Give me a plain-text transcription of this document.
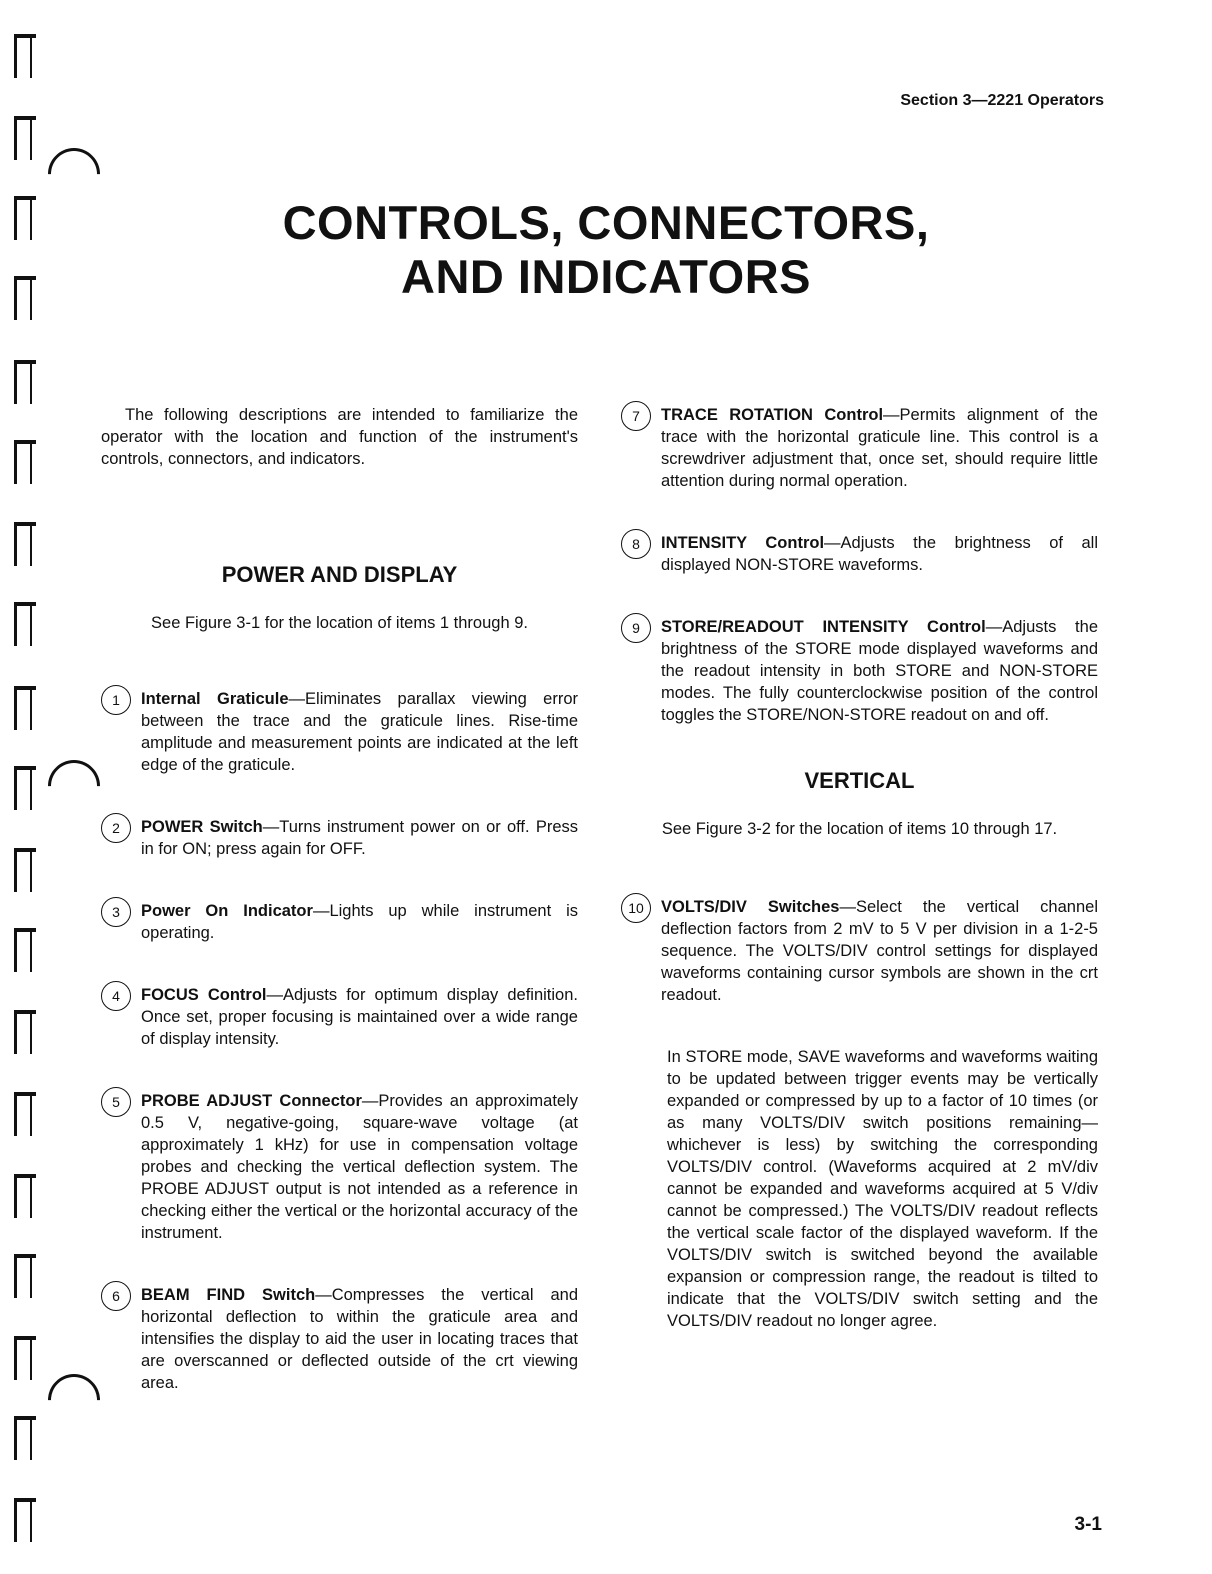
Section 3—2221 Operators
CONTROLS, CONNECTORS,
AND INDICATORS

The following descriptions are intended to familiarize the operator with the location and function of the instrument's controls, connectors, and indicators.

POWER AND DISPLAY

See Figure 3-1 for the location of items 1 through 9.

1	Internal Graticule—Eliminates parallax viewing error between the trace and the graticule lines. Rise-time amplitude and measurement points are indicated at the left edge of the graticule.
2	POWER Switch—Turns instrument power on or off. Press in for ON; press again for OFF.
3	Power On Indicator—Lights up while instrument is operating.
4	FOCUS Control—Adjusts for optimum display definition. Once set, proper focusing is maintained over a wide range of display intensity.
5	PROBE ADJUST Connector—Provides an approximately 0.5 V, negative-going, square-wave voltage (at approximately 1 kHz) for use in compensation voltage probes and checking the vertical deflection system. The PROBE ADJUST output is not intended as a reference in checking either the vertical or the horizontal accuracy of the instrument.
6	BEAM FIND Switch—Compresses the vertical and horizontal deflection to within the graticule area and intensifies the display to aid the user in locating traces that are overscanned or deflected outside of the crt viewing area.
7	TRACE ROTATION Control—Permits alignment of the trace with the horizontal graticule line. This control is a screwdriver adjustment that, once set, should require little attention during normal operation.
8	INTENSITY Control—Adjusts the brightness of all displayed NON-STORE waveforms.
9	STORE/READOUT INTENSITY Control—Adjusts the brightness of the STORE mode displayed waveforms and the readout intensity in both STORE and NON-STORE modes. The fully counterclockwise position of the control toggles the STORE/NON-STORE readout on and off.
VERTICAL

See Figure 3-2 for the location of items 10 through 17.

10	VOLTS/DIV Switches—Select the vertical channel deflection factors from 2 mV to 5 V per division in a 1-2-5 sequence. The VOLTS/DIV control settings for displayed waveforms containing cursor symbols are shown in the crt readout.

In STORE mode, SAVE waveforms and waveforms waiting to be updated between trigger events may be vertically expanded or compressed by up to a factor of 10 times (or as many VOLTS/DIV switch positions remaining—whichever is less) by switching the corresponding VOLTS/DIV control. (Waveforms acquired at 2 mV/div cannot be expanded and waveforms acquired at 5 V/div cannot be compressed.) The VOLTS/DIV readout reflects the vertical scale factor of the displayed waveform. If the VOLTS/DIV switch is switched beyond the available expansion or compression range, the readout is tilted to indicate that the VOLTS/DIV switch setting and the VOLTS/DIV readout no longer agree.

3-1
